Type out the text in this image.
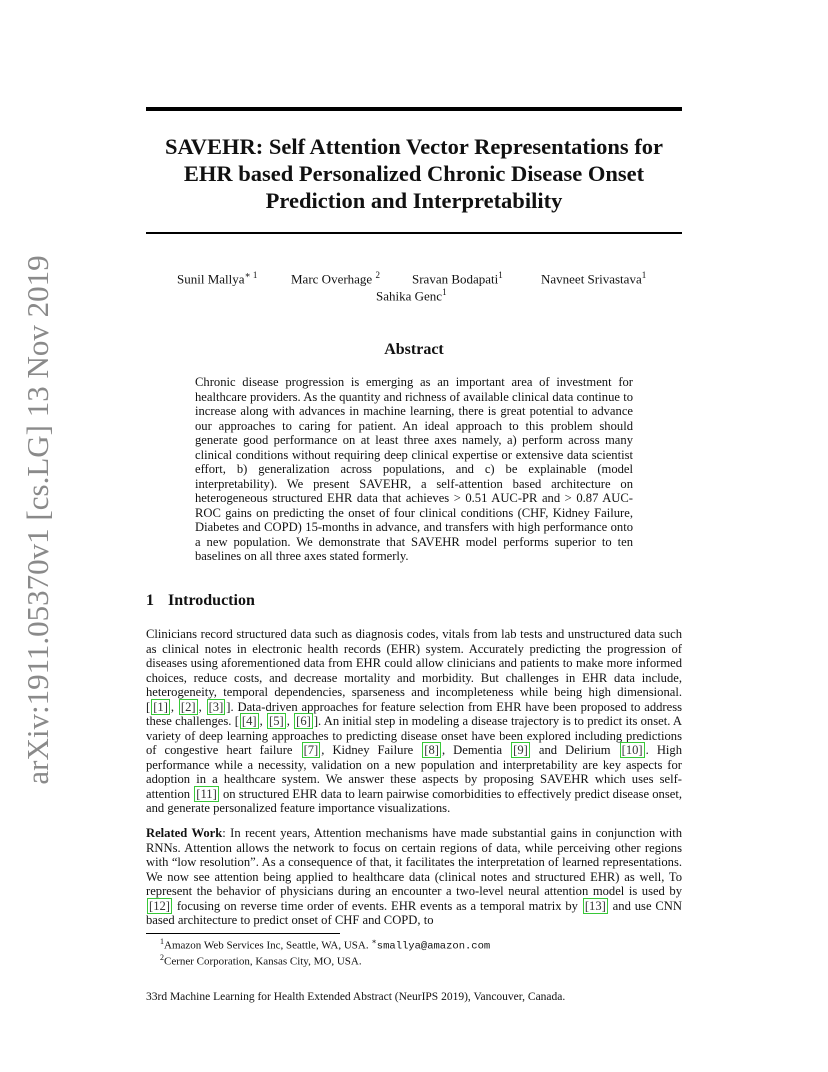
arXiv:1911.05370v1 [cs.LG] 13 Nov 2019
SAVEHR: Self Attention Vector Representations for
EHR based Personalized Chronic Disease Onset
Prediction and Interpretability
Sunil Mallya$^{∗ 1}$	Marc Overhage $^2$ Sravan Bodapati$^1$	Navneet Srivastava$^1$
Sahika Genc$^1$
Abstract
Chronic disease progression is emerging as an important area of investment for healthcare providers. As the quantity and richness of available clinical data continue to increase along with advances in machine learning, there is great potential to advance our approaches to caring for patient. An ideal approach to this problem should generate good performance on at least three axes namely, a) perform across many clinical conditions without requiring deep clinical expertise or extensive data scientist effort, b) generalization across populations, and c) be explainable (model interpretability). We present SAVEHR, a self-attention based architecture on heterogeneous structured EHR data that achieves > 0.51 AUC-PR and > 0.87 AUC-ROC gains on predicting the onset of four clinical conditions (CHF, Kidney Failure, Diabetes and COPD) 15-months in advance, and transfers with high performance onto a new population. We demonstrate that SAVEHR model performs superior to ten baselines on all three axes stated formerly.
1 Introduction
Clinicians record structured data such as diagnosis codes, vitals from lab tests and unstructured data such as clinical notes in electronic health records (EHR) system. Accurately predicting the progression of diseases using aforementioned data from EHR could allow clinicians and patients to make more informed choices, reduce costs, and decrease mortality and morbidity. But challenges in EHR data include, heterogeneity, temporal dependencies, sparseness and incompleteness while being high dimensional. [ [1] , [2] , [3] ]. Data-driven approaches for feature selection from EHR have been proposed to address these challenges. [ [4] , [5] , [6] ]. An initial step in modeling a disease trajectory is to predict its onset. A variety of deep learning approaches to predicting disease onset have been explored including predictions of congestive heart failure [7] , Kidney Failure [8] , Dementia [9] and Delirium [10] . High performance while a necessity, validation on a new population and interpretability are key aspects for adoption in a healthcare system. We answer these aspects by proposing SAVEHR which uses self-attention [11] on structured EHR data to learn pairwise comorbidities to effectively predict disease onset, and generate personalized feature importance visualizations.
Related Work: In recent years, Attention mechanisms have made substantial gains in conjunction with RNNs. Attention allows the network to focus on certain regions of data, while perceiving other regions with “low resolution”. As a consequence of that, it facilitates the interpretation of learned representations. We now see attention being applied to healthcare data (clinical notes and structured EHR) as well, To represent the behavior of physicians during an encounter a two-level neural attention model is used by [12] focusing on reverse time order of events. EHR events as a temporal matrix by [13] and use CNN based architecture to predict onset of CHF and COPD, to
$^1$Amazon Web Services Inc, Seattle, WA, USA. ∗smallya@amazon.com
$^2$Cerner Corporation, Kansas City, MO, USA.
33rd Machine Learning for Health Extended Abstract (NeurIPS 2019), Vancouver, Canada.
